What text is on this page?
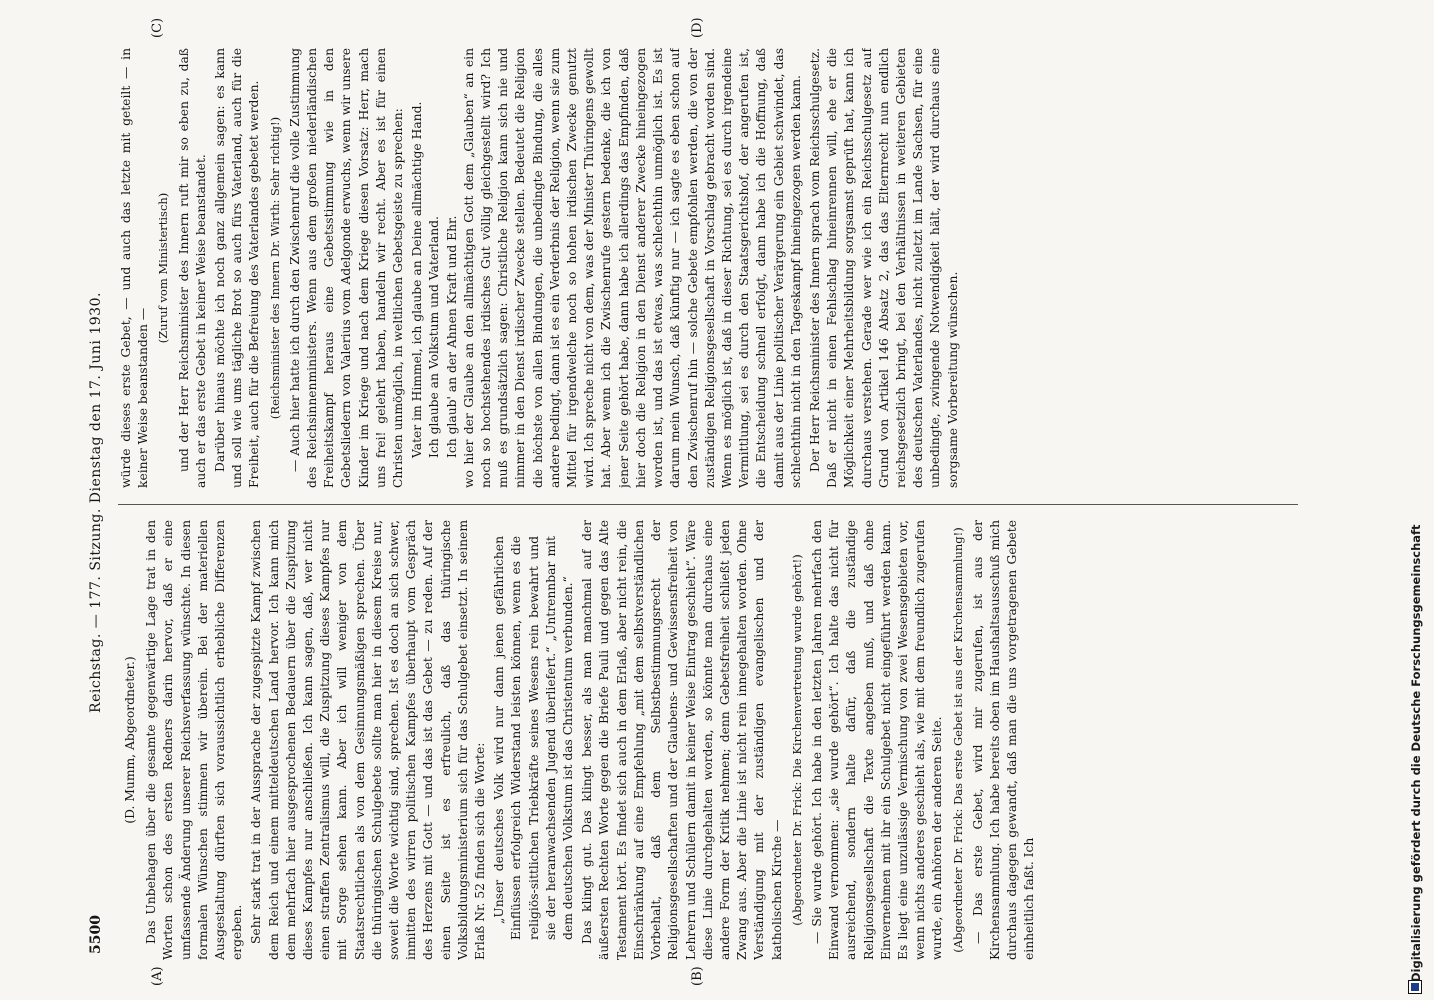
5500
Reichstag. — 177. Sitzung. Dienstag den 17. Juni 1930.
(A)	(B)
(C)	(D)

(D. Mumm, Abgeordneter.) Das Unbehagen über die gesamte gegenwärtige Lage trat in den Worten schon des ersten Redners darin hervor, daß er eine umfassende Änderung unserer Reichsverfassung wünschte. In diesen formalen Wünschen stimmen wir überein. Bei der materiellen Ausgestaltung dürften sich voraussichtlich erhebliche Differenzen ergeben. Sehr stark trat in der Aussprache der zugespitzte Kampf zwischen dem Reich und einem mitteldeutschen Land hervor. Ich kann mich dem mehrfach hier ausgesprochenen Bedauern über die Zuspitzung dieses Kampfes nur anschließen. Ich kann sagen, daß, wer nicht einen straffen Zentralismus will, die Zuspitzung dieses Kampfes nur mit Sorge sehen kann. Aber ich will weniger von dem Staatsrechtlichen als von dem Gesinnungsmäßigen sprechen. Über die thüringischen Schulgebete sollte man hier in diesem Kreise nur, soweit die Worte wichtig sind, sprechen. Ist es doch an sich schwer, inmitten des wirren politischen Kampfes überhaupt vom Gespräch des Herzens mit Gott — und das ist das Gebet — zu reden. Auf der einen Seite ist es erfreulich, daß das thüringische Volksbildungsministerium sich für das Schulgebet einsetzt. In seinem Erlaß Nr. 52 finden sich die Worte: „Unser deutsches Volk wird nur dann jenen gefährlichen Einflüssen erfolgreich Widerstand leisten können, wenn es die religiös-sittlichen Triebkräfte seines Wesens rein bewahrt und sie der heranwachsenden Jugend überliefert.“ „Untrennbar mit dem deutschen Volkstum ist das Christentum verbunden.“ Das klingt gut. Das klingt besser, als man manchmal auf der äußersten Rechten Worte gegen die Briefe Pauli und gegen das Alte Testament hört. Es findet sich auch in dem Erlaß, aber nicht rein, die Einschränkung auf eine Empfehlung „mit dem selbstverständlichen Vorbehalt, daß dem Selbstbestimmungsrecht der Religionsgesellschaften und der Glaubens- und Gewissensfreiheit von Lehrern und Schülern damit in keiner Weise Eintrag geschieht“. Wäre diese Linie durchgehalten worden, so könnte man durchaus eine andere Form der Kritik nehmen; denn Gebetsfreiheit schließt jeden Zwang aus. Aber die Linie ist nicht rein innegehalten worden. Ohne Verständigung mit der zuständigen evangelischen und der katholischen Kirche — (Abgeordneter Dr. Frick: Die Kirchenvertretung wurde gehört!) — Sie wurde gehört. Ich habe in den letzten Jahren mehrfach den Einwand vernommen: „sie wurde gehört“. Ich halte das nicht für ausreichend, sondern halte dafür, daß die zuständige Religionsgesellschaft die Texte angeben muß, und daß ohne Einvernehmen mit ihr ein Schulgebet nicht eingeführt werden kann. Es liegt eine unzulässige Vermischung von zwei Wesensgebieten vor, wenn nichts anderes geschieht als, wie mit dem freundlich zugerufen wurde, ein Anhören der anderen Seite. (Abgeordneter Dr. Frick: Das erste Gebet ist aus der Kirchensammlung!) — Das erste Gebet, wird mir zugerufen, ist aus der Kirchensammlung. Ich habe bereits oben im Haushaltsausschuß mich durchaus dagegen gewandt, daß man die uns vorgetragenen Gebete einheitlich faßt. Ich

würde dieses erste Gebet, — und auch das letzte mit geteilt — in keiner Weise beanstanden —

(Zuruf vom Ministertisch) und der Herr Reichsminister des Innern ruft mir so eben zu, daß auch er das erste Gebet in keiner Weise beanstandet. Darüber hinaus möchte ich noch ganz allgemein sagen: es kann und soll wie ums tägliche Brot so auch fürs Vaterland, auch für die Freiheit, auch für die Befreiung des Vaterlandes gebetet werden. (Reichsminister des Innern Dr. Wirth: Sehr richtig!) — Auch hier hatte ich durch den Zwischenruf die volle Zustimmung des Reichsinnenministers. Wenn aus dem großen niederländischen Freiheitskampf heraus eine Gebetsstimmung wie in den Gebetsliedern von Valerius vom Adelgonde erwuchs, wenn wir unsere Kinder im Kriege und nach dem Kriege diesen Vorsatz: Herr, mach uns frei! gelehrt haben, handeln wir recht. Aber es ist für einen Christen unmöglich, in weltlichen Gebetsgeiste zu sprechen: Vater im Himmel, ich glaube an Deine allmächtige Hand. Ich glaube an Volkstum und Vaterland. Ich glaub' an der Ahnen Kraft und Ehr. wo hier der Glaube an den allmächtigen Gott dem „Glauben“ an ein noch so hochstehendes irdisches Gut völlig gleichgestellt wird? Ich muß es grundsätzlich sagen: Christliche Religion kann sich nie und nimmer in den Dienst irdischer Zwecke stellen. Bedeutet die Religion die höchste von allen Bindungen, die unbedingte Bindung, die alles andere bedingt, dann ist es ein Verderbnis der Religion, wenn sie zum Mittel für irgendwelche noch so hohen irdischen Zwecke genutzt wird. Ich spreche nicht von dem, was der Minister Thüringens gewollt hat. Aber wenn ich die Zwischenrufe gestern bedenke, die ich von jener Seite gehört habe, dann habe ich allerdings das Empfinden, daß hier doch die Religion in den Dienst anderer Zwecke hineingezogen worden ist, und das ist etwas, was schlechthin unmöglich ist. Es ist darum mein Wunsch, daß künftig nur — ich sagte es eben schon auf den Zwischenruf hin — solche Gebete empfohlen werden, die von der zuständigen Religionsgesellschaft in Vorschlag gebracht worden sind. Wenn es möglich ist, daß in dieser Richtung, sei es durch irgendeine Vermittlung, sei es durch den Staatsgerichtshof, der angerufen ist, die Entscheidung schnell erfolgt, dann habe ich die Hoffnung, daß damit aus der Linie politischer Verärgerung ein Gebiet schwindet, das schlechthin nicht in den Tageskampf hineingezogen werden kann. Der Herr Reichsminister des Innern sprach vom Reichsschulgesetz. Daß er nicht in einen Fehlschlag hineinrennen will, ehe er die Möglichkeit einer Mehrheitsbildung sorgsamst geprüft hat, kann ich durchaus verstehen. Gerade wer wie ich ein Reichsschulgesetz auf Grund von Artikel 146 Absatz 2, das das Elternrecht nun endlich reichsgesetzlich bringt, bei den Verhältnissen in weiteren Gebieten des deutschen Vaterlandes, nicht zuletzt im Lande Sachsen, für eine unbedingte, zwingende Notwendigkeit hält, der wird durchaus eine sorgsame Vorbereitung wünschen.

Digitalisierung gefördert durch die Deutsche Forschungsgemeinschaft
